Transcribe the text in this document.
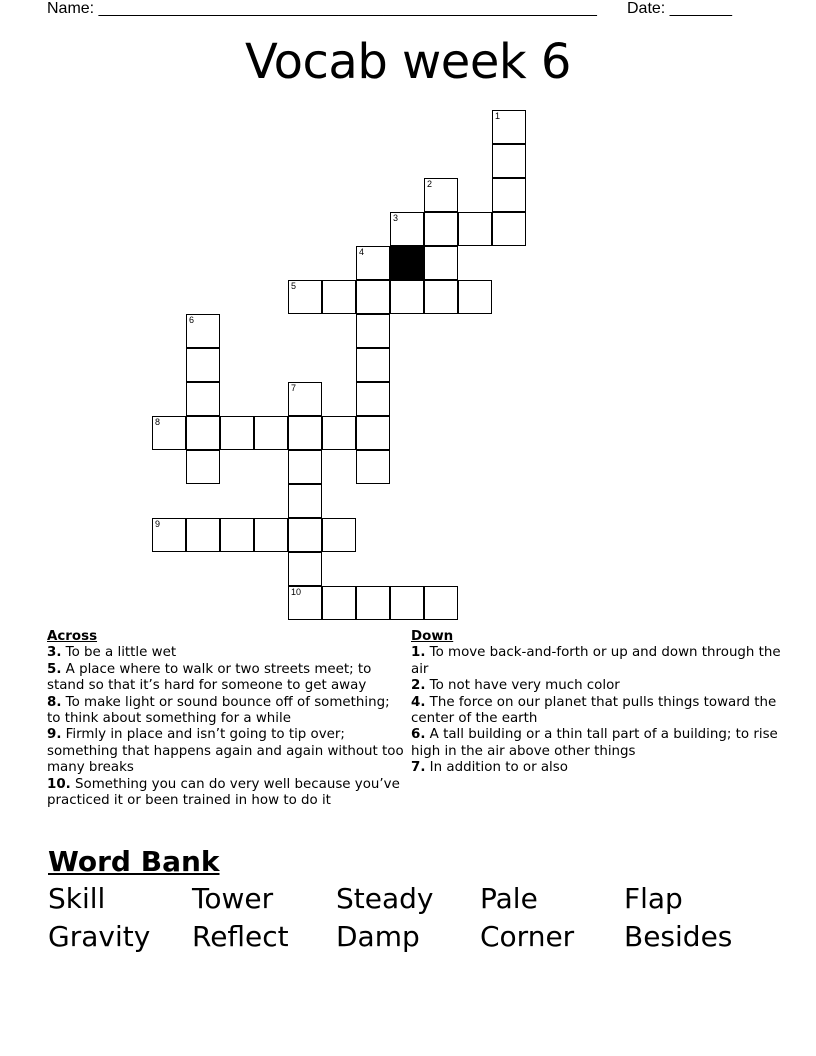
Name: ________________________________________________________ Date: _______
Vocab week 6
1
2
3
4
5
6
7
10
8
9
Across
3. To be a little wet
5. A place where to walk or two streets meet; to stand so that it’s hard for someone to get away
8. To make light or sound bounce off of something; to think about something for a while
9. Firmly in place and isn’t going to tip over; something that happens again and again without too many breaks
10. Something you can do very well because you’ve practiced it or been trained in how to do it
Down
1. To move back-and-forth or up and down through the air
2. To not have very much color
4. The force on our planet that pulls things toward the center of the earth
6. A tall building or a thin tall part of a building; to rise high in the air above other things
7. In addition to or also
Word Bank
Skill	Tower Steady Pale	Flap
Gravity Reflect Damp Corner Besides
